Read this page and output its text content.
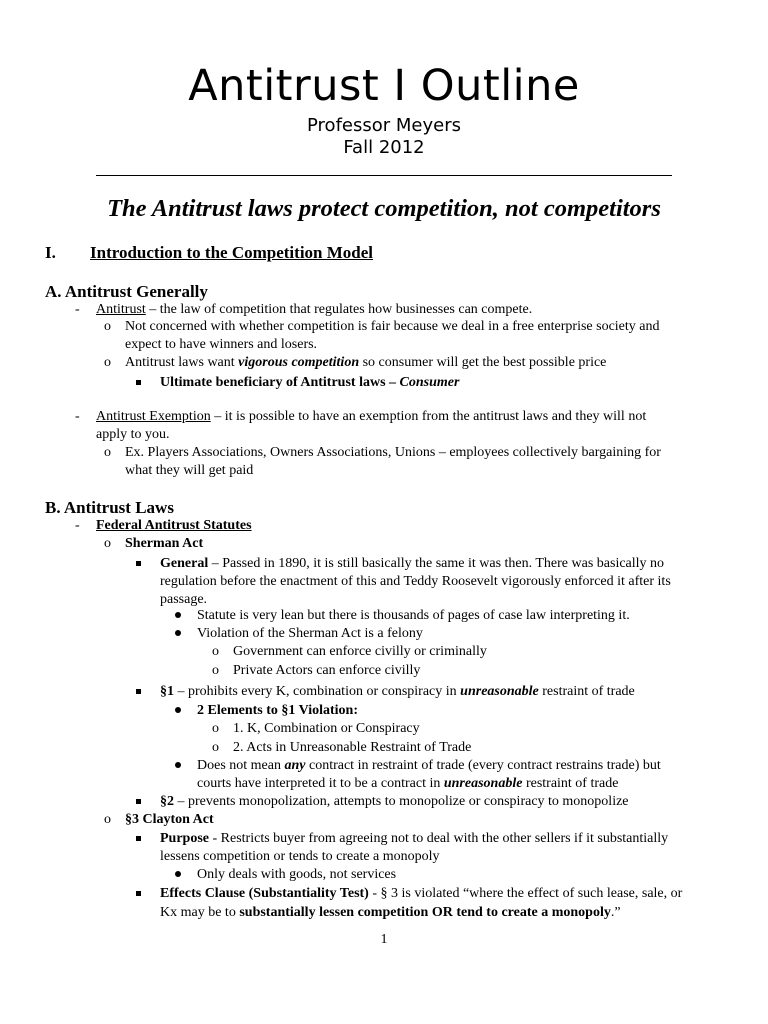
Antitrust I Outline
Professor Meyers
Fall 2012
The Antitrust laws protect competition, not competitors
I. Introduction to the Competition Model
A. Antitrust Generally
- Antitrust – the law of competition that regulates how businesses can compete.
o Not concerned with whether competition is fair because we deal in a free enterprise society and
expect to have winners and losers.
o Antitrust laws want vigorous competition so consumer will get the best possible price
Ultimate beneficiary of Antitrust laws – Consumer
- Antitrust Exemption – it is possible to have an exemption from the antitrust laws and they will not
apply to you.
o Ex. Players Associations, Owners Associations, Unions – employees collectively bargaining for
what they will get paid
B. Antitrust Laws
- Federal Antitrust Statutes
o Sherman Act
General – Passed in 1890, it is still basically the same it was then. There was basically no
regulation before the enactment of this and Teddy Roosevelt vigorously enforced it after its
passage.
Statute is very lean but there is thousands of pages of case law interpreting it.
Violation of the Sherman Act is a felony
o Government can enforce civilly or criminally
o Private Actors can enforce civilly
§1 – prohibits every K, combination or conspiracy in unreasonable restraint of trade
2 Elements to §1 Violation:
o 1. K, Combination or Conspiracy
o 2. Acts in Unreasonable Restraint of Trade
Does not mean any contract in restraint of trade (every contract restrains trade) but
courts have interpreted it to be a contract in unreasonable restraint of trade
§2 – prevents monopolization, attempts to monopolize or conspiracy to monopolize
o §3 Clayton Act
Purpose - Restricts buyer from agreeing not to deal with the other sellers if it substantially
lessens competition or tends to create a monopoly
Only deals with goods, not services
Effects Clause (Substantiality Test) - § 3 is violated “where the effect of such lease, sale, or
Kx may be to substantially lessen competition OR tend to create a monopoly.”
1
